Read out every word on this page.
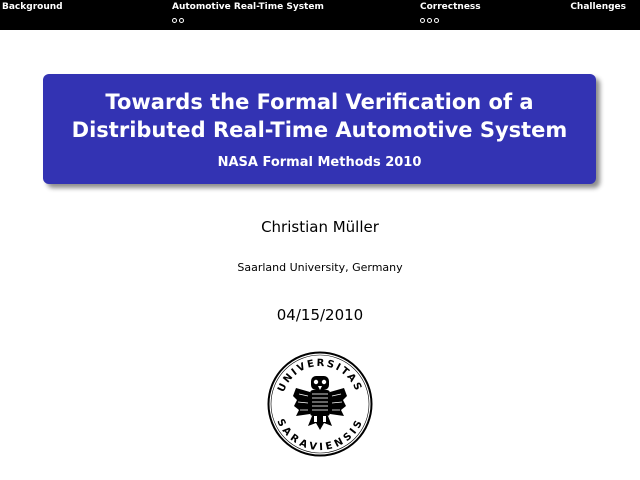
Background	Automotive Real-Time System	Correctness	Challenges
Towards the Formal Verification of a
Distributed Real-Time Automotive System
NASA Formal Methods 2010
Christian Müller
Saarland University, Germany
04/15/2010
UNIVERSITAS
SARAVIENSIS
